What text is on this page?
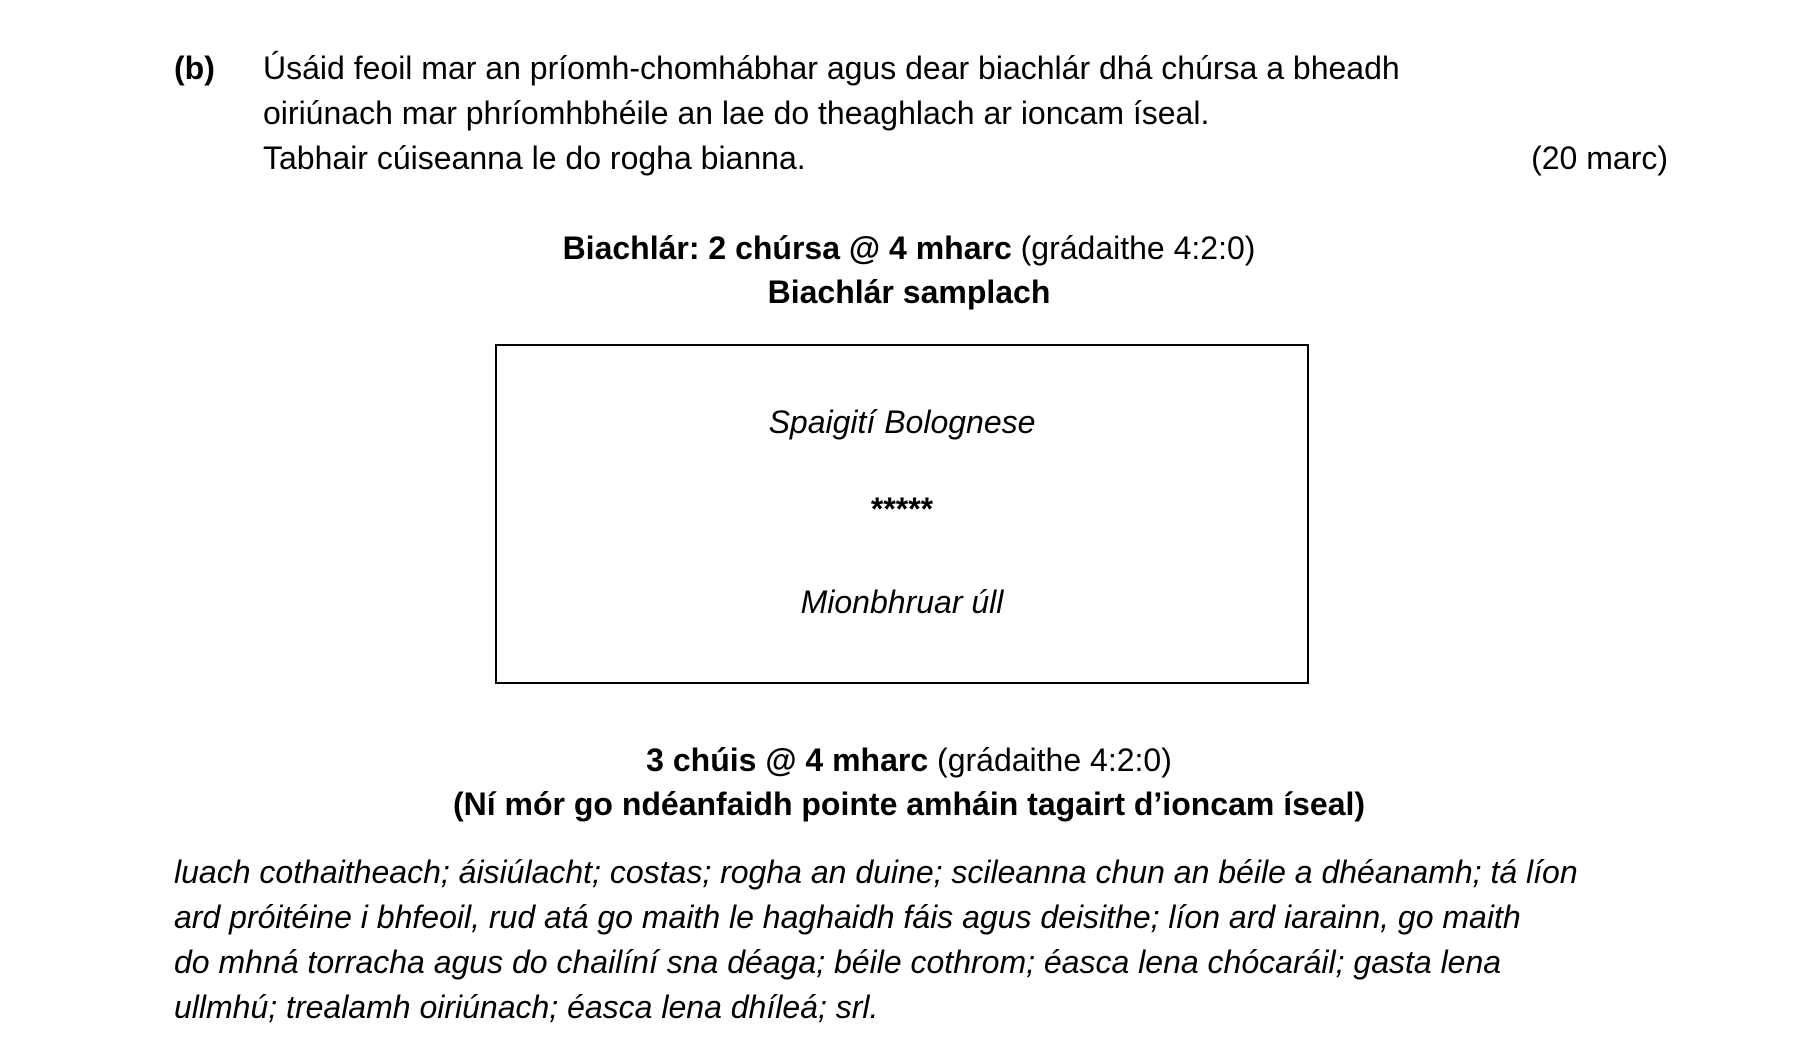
(b) Úsáid feoil mar an príomh-chomhábhar agus dear biachlár dhá chúrsa a bheadh
oiriúnach mar phríomhbhéile an lae do theaghlach ar ioncam íseal.
Tabhair cúiseanna le do rogha bianna.	(20 marc)
Biachlár: 2 chúrsa @ 4 mharc (grádaithe 4:2:0)
Biachlár samplach
Spaigití Bolognese
*****
Mionbhruar úll
3 chúis @ 4 mharc (grádaithe 4:2:0)
(Ní mór go ndéanfaidh pointe amháin tagairt d’ioncam íseal)
luach cothaitheach; áisiúlacht; costas; rogha an duine; scileanna chun an béile a dhéanamh; tá líon
ard próitéine i bhfeoil, rud atá go maith le haghaidh fáis agus deisithe; líon ard iarainn, go maith
do mhná torracha agus do chailíní sna déaga; béile cothrom; éasca lena chócaráil; gasta lena
ullmhú; trealamh oiriúnach; éasca lena dhíleá; srl.
